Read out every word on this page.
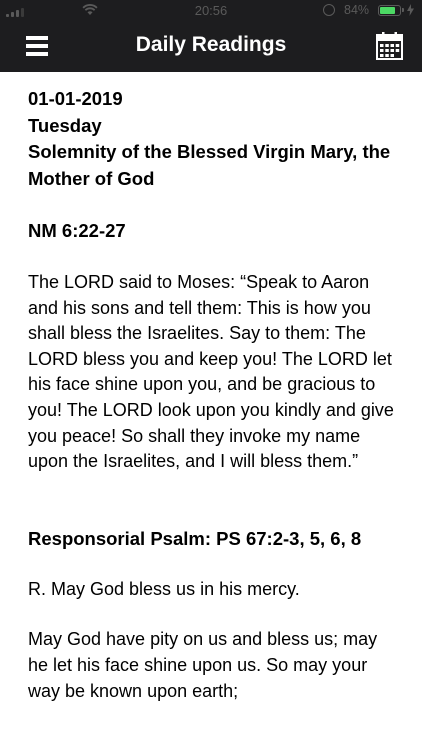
20:56	84%
Daily Readings
01-01-2019
Tuesday
Solemnity of the Blessed Virgin Mary, the Mother of God
NM 6:22-27
The LORD said to Moses: “Speak to Aaron and his sons and tell them: This is how you shall bless the Israelites. Say to them: The LORD bless you and keep you! The LORD let his face shine upon you, and be gracious to you! The LORD look upon you kindly and give you peace! So shall they invoke my name upon the Israelites, and I will bless them.”
Responsorial Psalm: PS 67:2-3, 5, 6, 8
R. May God bless us in his mercy.
May God have pity on us and bless us; may he let his face shine upon us. So may your way be known upon earth;
